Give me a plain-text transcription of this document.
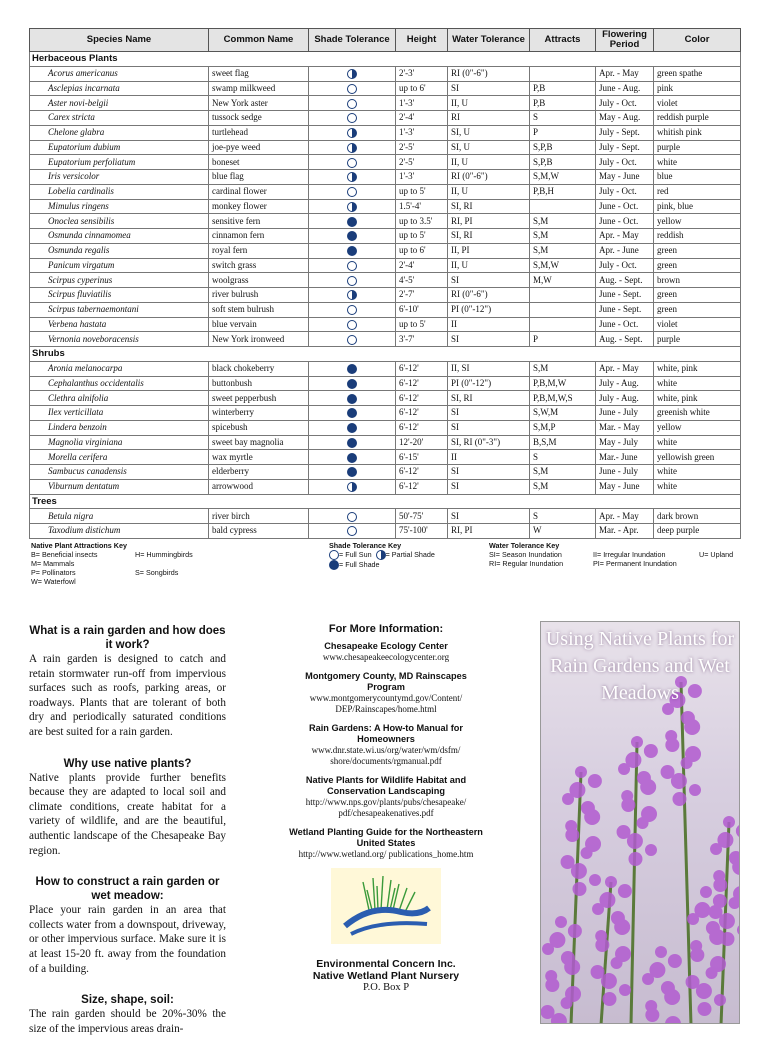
Species Name	Common Name	Shade Tolerance	Height	Water Tolerance	Attracts	Flowering Period	Color
Herbaceous Plants							
Acorus americanus	sweet flag		2'-3'	RI (0"-6")		Apr. - May	green spathe
Asclepias incarnata	swamp milkweed		up to 6'	SI	P,B	June - Aug.	pink
Aster novi-belgii	New York aster		1'-3'	II, U	P,B	July - Oct.	violet
Carex stricta	tussock sedge		2'-4'	RI	S	May - Aug.	reddish purple
Chelone glabra	turtlehead		1'-3'	SI, U	P	July - Sept.	whitish pink
Eupatorium dubium	joe-pye weed		2'-5'	SI, U	S,P,B	July - Sept.	purple
Eupatorium perfoliatum	boneset		2'-5'	II, U	S,P,B	July - Oct.	white
Iris versicolor	blue flag		1'-3'	RI (0"-6")	S,M,W	May - June	blue
Lobelia cardinalis	cardinal flower		up to 5'	II, U	P,B,H	July - Oct.	red
Mimulus ringens	monkey flower		1.5'-4'	SI, RI		June - Oct.	pink, blue
Onoclea sensibilis	sensitive fern		up to 3.5'	RI, PI	S,M	June - Oct.	yellow
Osmunda cinnamomea	cinnamon fern		up to 5'	SI, RI	S,M	Apr. - May	reddish
Osmunda regalis	royal fern		up to 6'	II, PI	S,M	Apr. - June	green
Panicum virgatum	switch grass		2'-4'	II, U	S,M,W	July - Oct.	green
Scirpus cyperinus	woolgrass		4'-5'	SI	M,W	Aug. - Sept.	brown
Scirpus fluviatilis	river bulrush		2'-7'	RI (0"-6")		June - Sept.	green
Scirpus tabernaemontani	soft stem bulrush		6'-10'	PI (0"-12")		June - Sept.	green
Verbena hastata	blue vervain		up to 5'	II		June - Oct.	violet
Vernonia noveboracensis	New York ironweed		3'-7'	SI	P	Aug. - Sept.	purple
Shrubs							
Aronia melanocarpa	black chokeberry		6'-12'	II, SI	S,M	Apr. - May	white, pink
Cephalanthus occidentalis	buttonbush		6'-12'	PI (0"-12")	P,B,M,W	July - Aug.	white
Clethra alnifolia	sweet pepperbush		6'-12'	SI, RI	P,B,M,W,S	July - Aug.	white, pink
Ilex verticillata	winterberry		6'-12'	SI	S,W,M	June - July	greenish white
Lindera benzoin	spicebush		6'-12'	SI	S,M,P	Mar. - May	yellow
Magnolia virginiana	sweet bay magnolia		12'-20'	SI, RI (0"-3")	B,S,M	May - July	white
Morella cerifera	wax myrtle		6'-15'	II	S	Mar.- June	yellowish green
Sambucus canadensis	elderberry		6'-12'	SI	S,M	June - July	white
Viburnum dentatum	arrowwood		6'-12'	SI	S,M	May - June	white
Trees							
Betula nigra	river birch		50'-75'	SI	S	Apr. - May	dark brown
Taxodium distichum	bald cypress		75'-100'	RI, PI	W	Mar. - Apr.	deep purple
Native Plant Attractions Key
B= Beneficial insects	H= HummingbirdsM= Mammals
P= Pollinators	S= SongbirdsW= Waterfowl
Shade Tolerance Key
= Full Sun = Partial Shade
= Full Shade
Water Tolerance Key
SI= Season Inundation	II= Irregular Inundation	U= Upland
RI= Regular Inundation	PI= Permanent Inundation
What is a rain garden and how does it work?

A rain garden is designed to catch and retain stormwater run-off from impervious surfaces such as roofs, parking areas, or roadways. Plants that are tolerant of both dry and periodically saturated conditions are best suited for a rain garden.

Why use native plants?

Native plants provide further benefits because they are adapted to local soil and climate conditions, create habitat for a variety of wildlife, and are the beautiful, authentic landscape of the Chesapeake Bay region.

How to construct a rain garden or wet meadow:

Place your rain garden in an area that collects water from a downspout, driveway, or other impervious surface. Make sure it is at least 15-20 ft. away from the foundation of a building.

Size, shape, soil:

The rain garden should be 20%-30% the size of the impervious areas drain-

For More Information:
Chesapeake Ecology Center
www.chesapeakeecologycenter.org
Montgomery County, MD Rainscapes Program
www.montgomerycountymd.gov/Content/ DEP/Rainscapes/home.html
Rain Gardens: A How-to Manual for Homeowners
www.dnr.state.wi.us/org/water/wm/dsfm/ shore/documents/rgmanual.pdf
Native Plants for Wildlife Habitat and Conservation Landscaping
http://www.nps.gov/plants/pubs/chesapeake/ pdf/chesapeakenatives.pdf
Wetland Planting Guide for the Northeastern United States
http://www.wetland.org/ publications_home.htm
Environmental Concern Inc.
Native Wetland Plant Nursery
P.O. Box P
Using Native Plants for Rain Gardens and Wet Meadows
